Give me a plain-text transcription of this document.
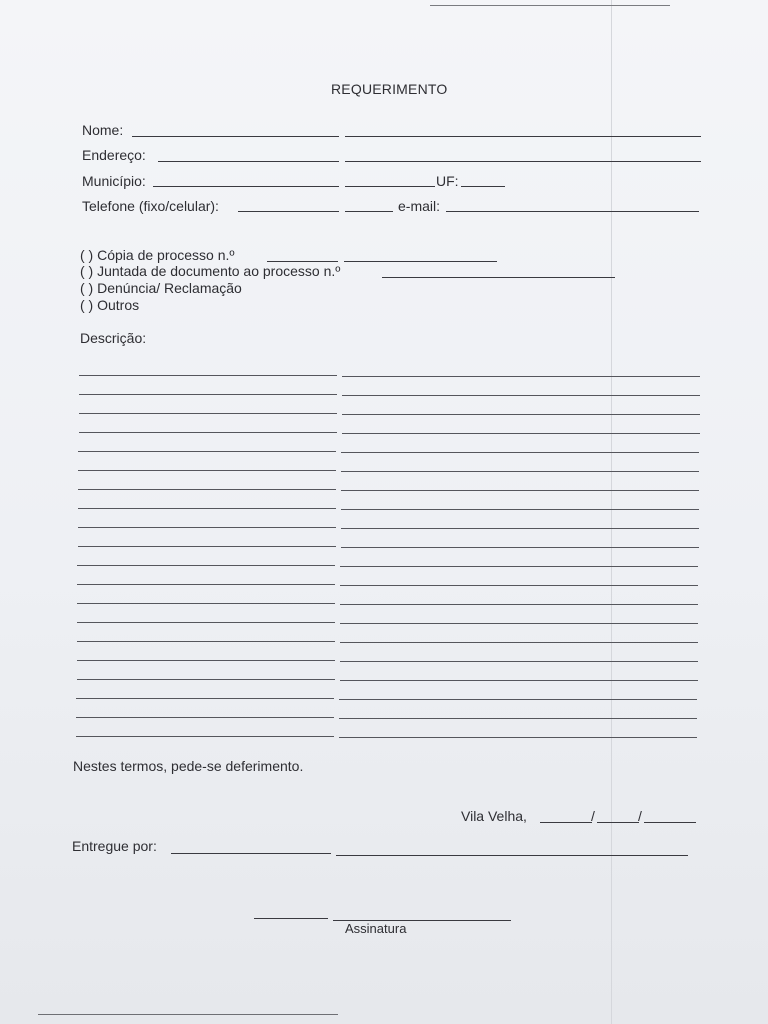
REQUERIMENTO
Nome:
Endereço:
Município:	UF:
Telefone (fixo/celular):	e-mail:
( ) Cópia de processo n.º
( ) Juntada de documento ao processo n.º
( ) Denúncia/ Reclamação
( ) Outros
Descrição:
Nestes termos, pede-se deferimento.
Vila Velha,	/	/
Entregue por:
Assinatura
